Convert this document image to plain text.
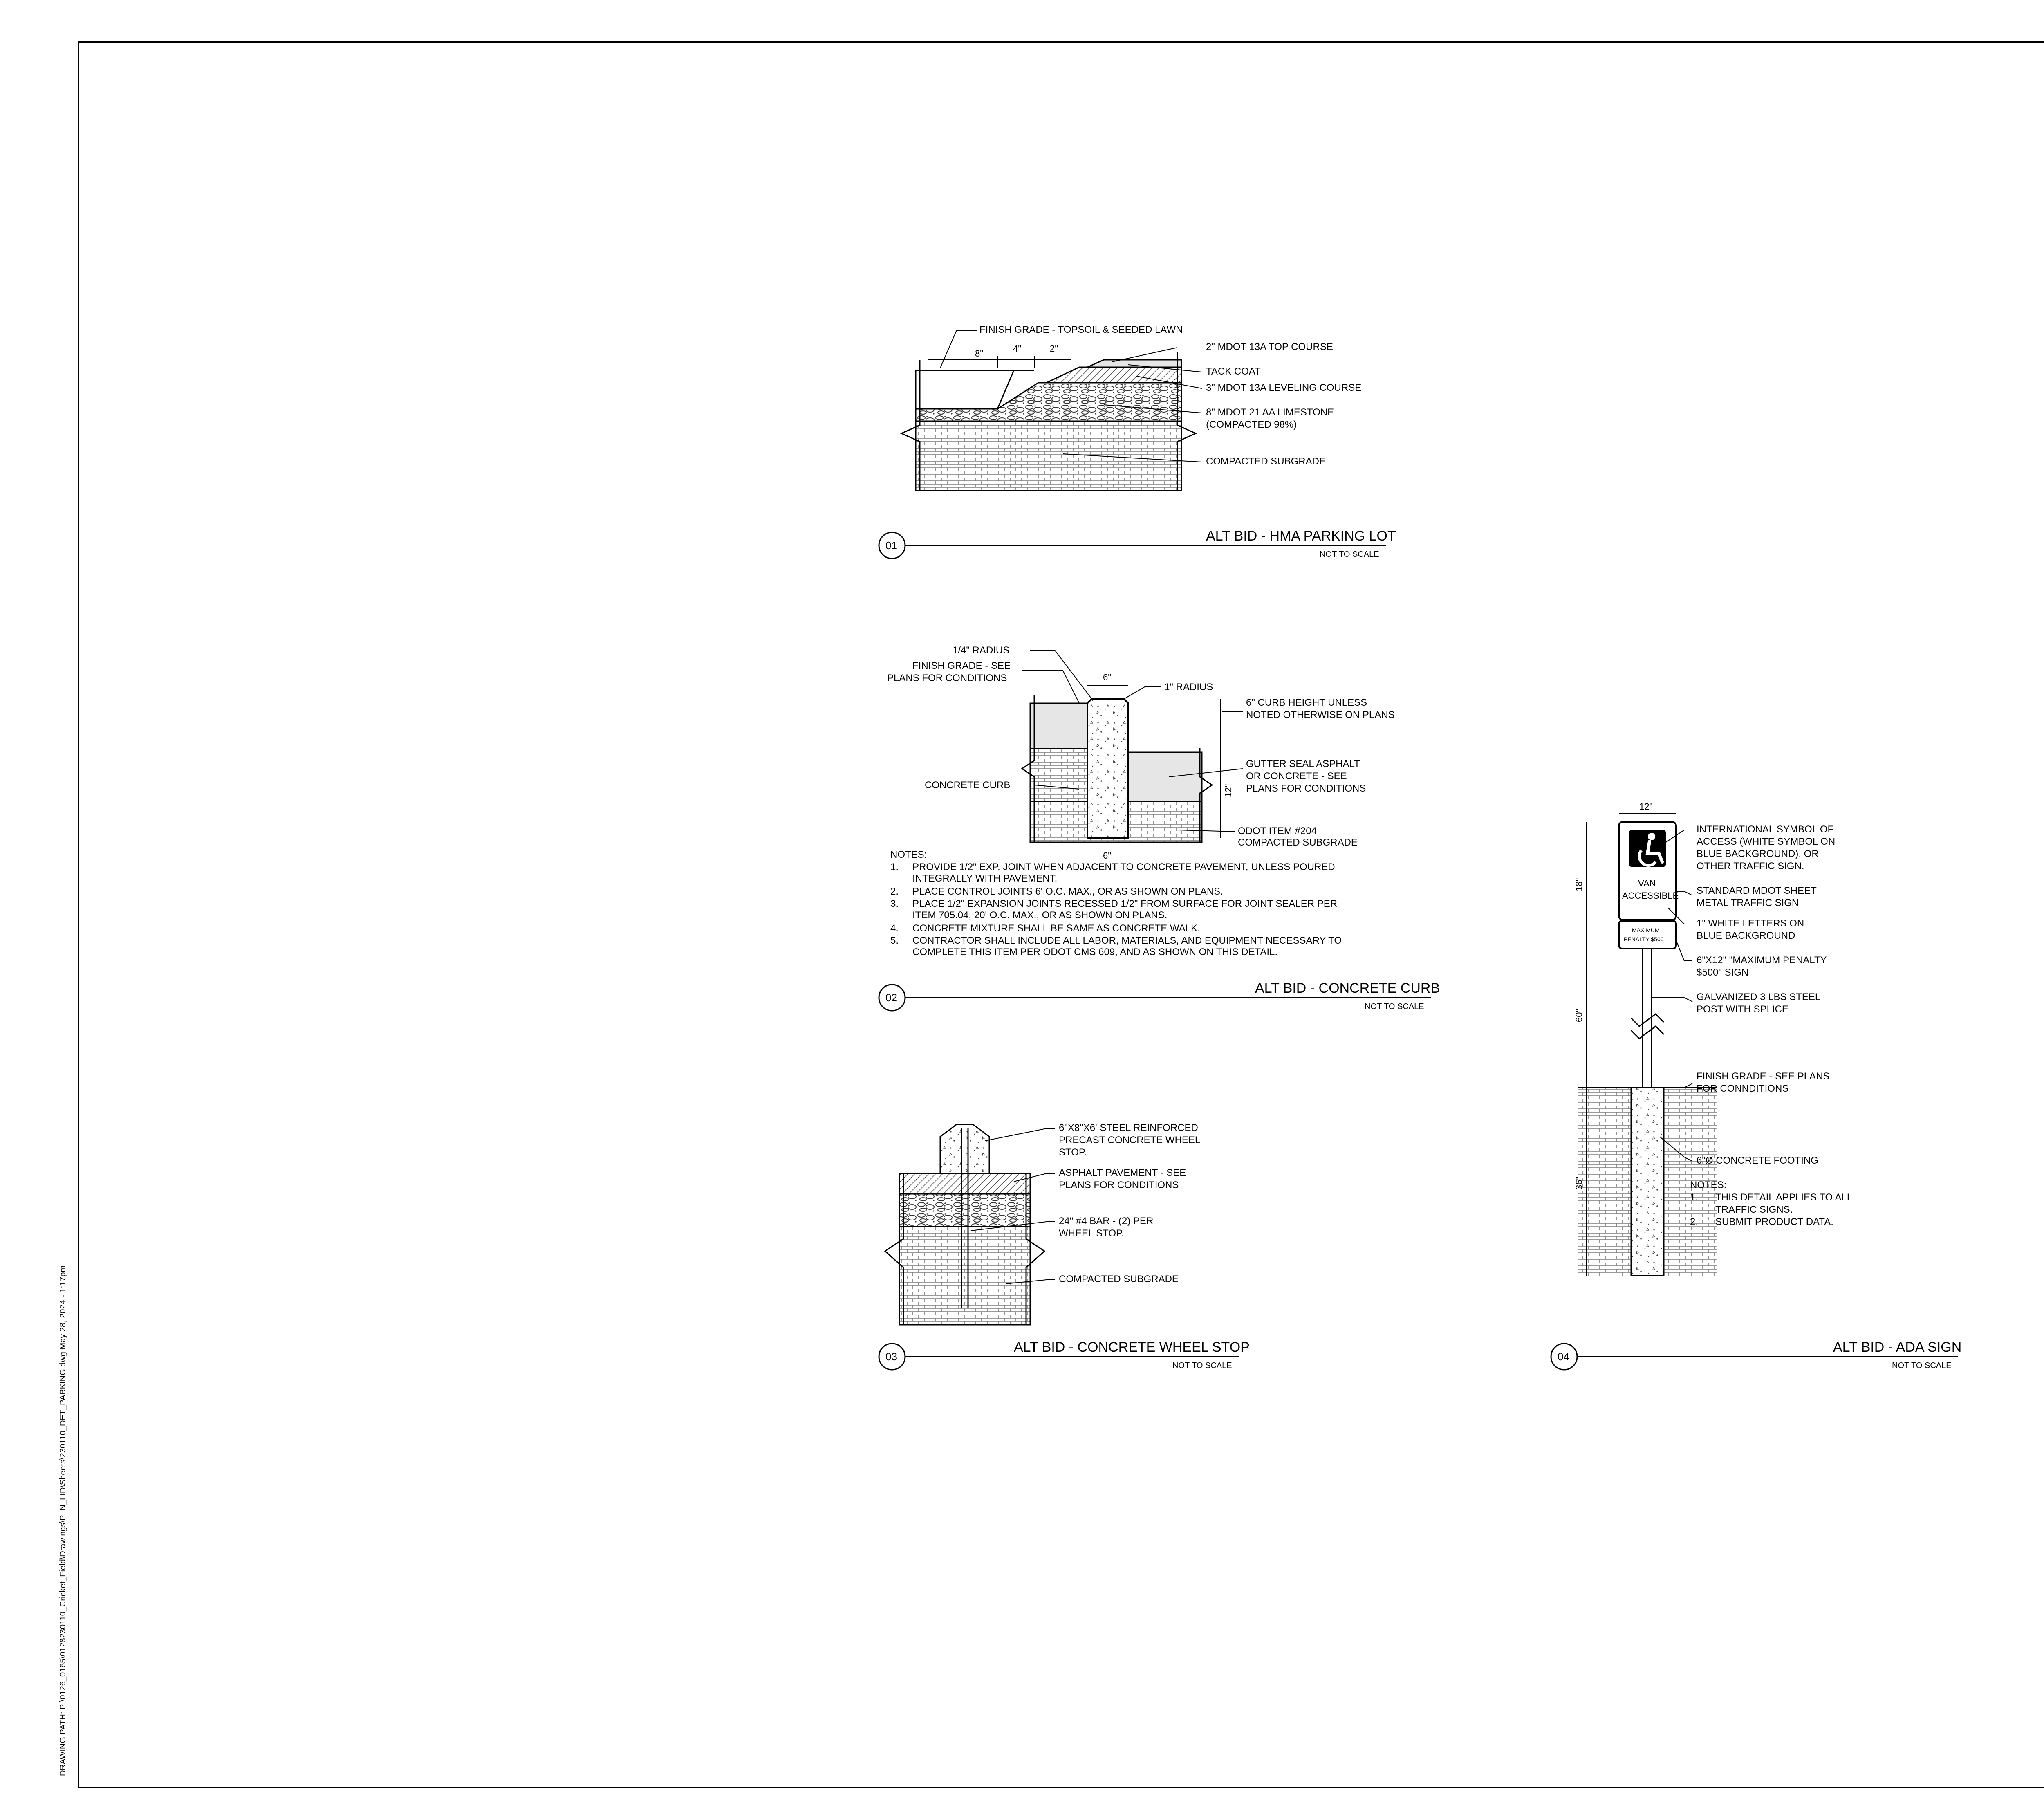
DRAWING PATH: P:\0126_0165\0128230110_Cricket_Field\Drawings\PLN_LID\Sheets\230110_DET_PARKING.dwg May 28, 2024 - 1:17pm
8"	4"	2"
FINISH GRADE - TOPSOIL & SEEDED LAWN
2" MDOT 13A TOP COURSE
TACK COAT
3" MDOT 13A LEVELING COURSE
8" MDOT 21 AA LIMESTONE
(COMPACTED 98%)
COMPACTED SUBGRADE
01
ALT BID - HMA PARKING LOT
NOT TO SCALE
6"
12"
6"
1/4" RADIUS
FINISH GRADE - SEE
PLANS FOR CONDITIONS
CONCRETE CURB
1" RADIUS
6" CURB HEIGHT UNLESS
NOTED OTHERWISE ON PLANS
GUTTER SEAL ASPHALT
OR CONCRETE - SEE
PLANS FOR CONDITIONS
ODOT ITEM #204
COMPACTED SUBGRADE
NOTES:
1. PROVIDE 1/2" EXP. JOINT WHEN ADJACENT TO CONCRETE PAVEMENT, UNLESS POURED
INTEGRALLY WITH PAVEMENT.
2. PLACE CONTROL JOINTS 6' O.C. MAX., OR AS SHOWN ON PLANS.
3. PLACE 1/2" EXPANSION JOINTS RECESSED 1/2" FROM SURFACE FOR JOINT SEALER PER
ITEM 705.04, 20' O.C. MAX., OR AS SHOWN ON PLANS.
4. CONCRETE MIXTURE SHALL BE SAME AS CONCRETE WALK.
5. CONTRACTOR SHALL INCLUDE ALL LABOR, MATERIALS, AND EQUIPMENT NECESSARY TO
COMPLETE THIS ITEM PER ODOT CMS 609, AND AS SHOWN ON THIS DETAIL.
02
ALT BID - CONCRETE CURB
NOT TO SCALE
6"X8"X6' STEEL REINFORCED
PRECAST CONCRETE WHEEL
STOP.
ASPHALT PAVEMENT - SEE
PLANS FOR CONDITIONS
24" #4 BAR - (2) PER
WHEEL STOP.
COMPACTED SUBGRADE
03
ALT BID - CONCRETE WHEEL STOP
NOT TO SCALE
VAN
ACCESSIBLE
MAXIMUM
PENALTY $500
12"
18"
60"
36"
INTERNATIONAL SYMBOL OF
ACCESS (WHITE SYMBOL ON
BLUE BACKGROUND), OR
OTHER TRAFFIC SIGN.
STANDARD MDOT SHEET
METAL TRAFFIC SIGN
1" WHITE LETTERS ON
BLUE BACKGROUND
6"X12" "MAXIMUM PENALTY
$500" SIGN
GALVANIZED 3 LBS STEEL
POST WITH SPLICE
FINISH GRADE - SEE PLANS
FOR CONNDITIONS
6"Ø CONCRETE FOOTING
NOTES:
1. THIS DETAIL APPLIES TO ALL
TRAFFIC SIGNS.
2. SUBMIT PRODUCT DATA.
04
ALT BID - ADA SIGN
NOT TO SCALE
